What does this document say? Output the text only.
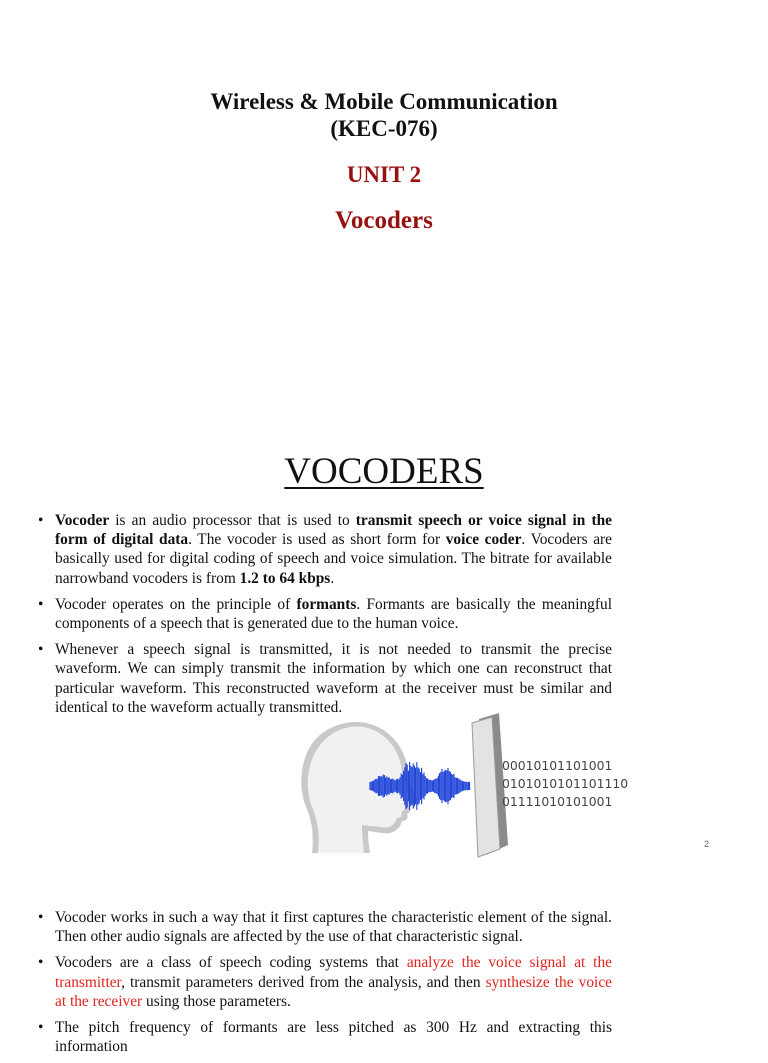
Wireless & Mobile Communication
(KEC-076)
UNIT 2
Vocoders
VOCODERS
• Vocoder is an audio processor that is used to transmit speech or voice signal in the form of digital data. The vocoder is used as short form for voice coder. Vocoders are basically used for digital coding of speech and voice simulation. The bitrate for available narrowband vocoders is from 1.2 to 64 kbps.
• Vocoder operates on the principle of formants. Formants are basically the meaningful components of a speech that is generated due to the human voice.
• Whenever a speech signal is transmitted, it is not needed to transmit the precise waveform. We can simply transmit the information by which one can reconstruct that particular waveform. This reconstructed waveform at the receiver must be similar and identical to the waveform actually transmitted.
00010101101001
0101010101101110
01111010101001
2
• Vocoder works in such a way that it first captures the characteristic element of the signal. Then other audio signals are affected by the use of that characteristic signal.
• Vocoders are a class of speech coding systems that analyze the voice signal at the transmitter, transmit parameters derived from the analysis, and then synthesize the voice at the receiver using those parameters.
• The pitch frequency of formants are less pitched as 300 Hz and extracting this information
